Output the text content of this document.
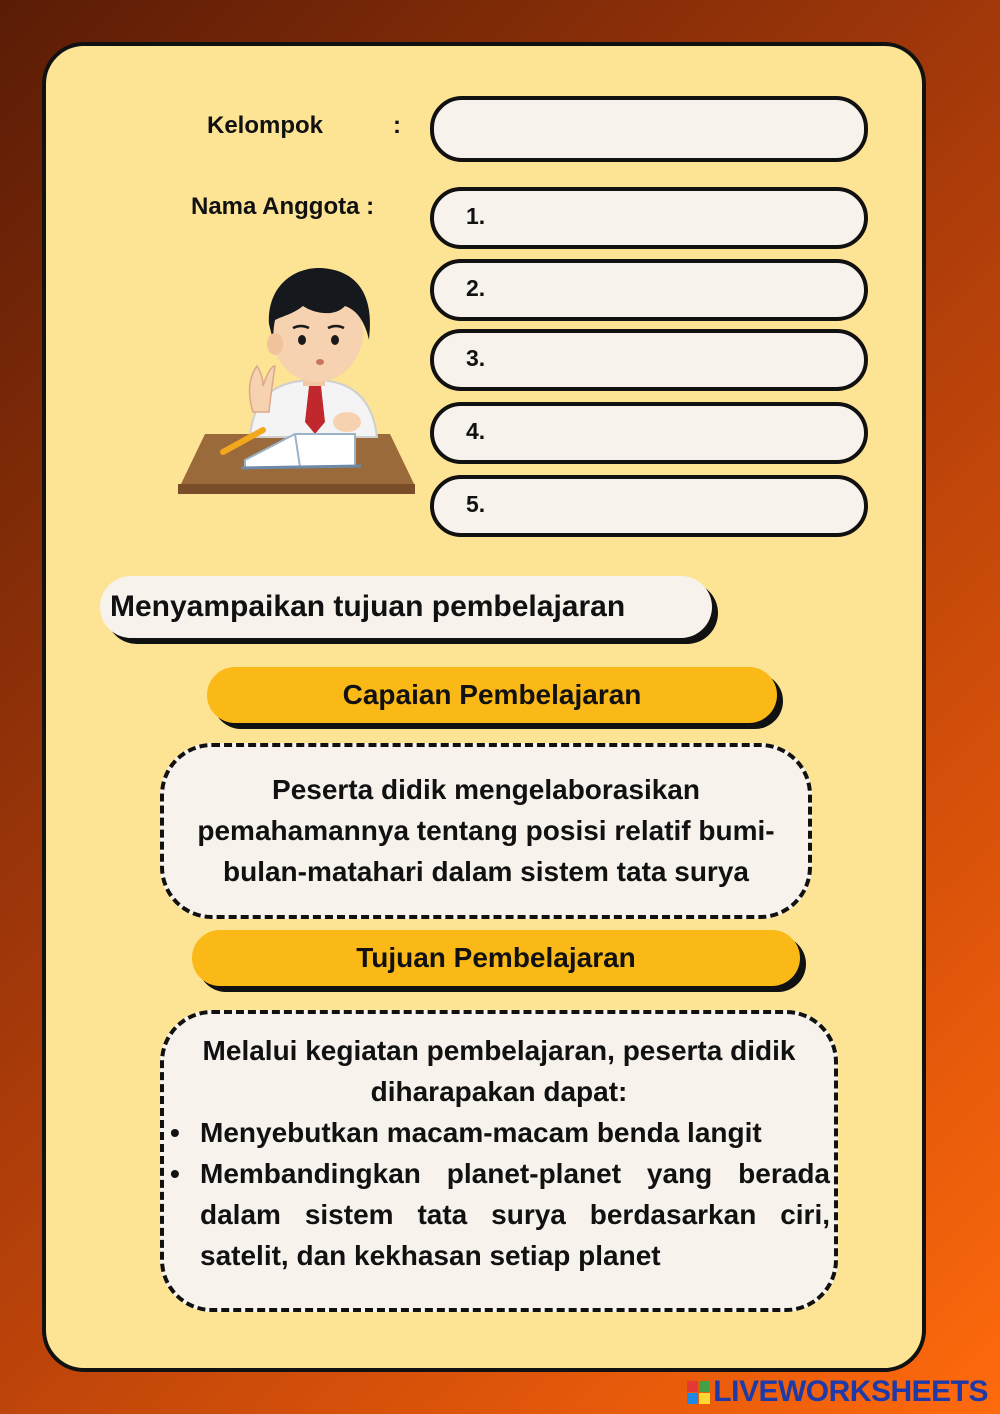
Kelompok	:
Nama Anggota :	1.
2.
3.
4.
5.
Menyampaikan tujuan pembelajaran
Capaian Pembelajaran
Peserta didik mengelaborasikan
pemahamannya tentang posisi relatif bumi-
bulan-matahari dalam sistem tata surya
Tujuan Pembelajaran
Melalui kegiatan pembelajaran, peserta didik
diharapakan dapat:
• Menyebutkan macam-macam benda langit
• Membandingkan planet-planet yang berada dalam sistem tata surya berdasarkan ciri, satelit, dan kekhasan setiap planet
LIVEWORKSHEETS
